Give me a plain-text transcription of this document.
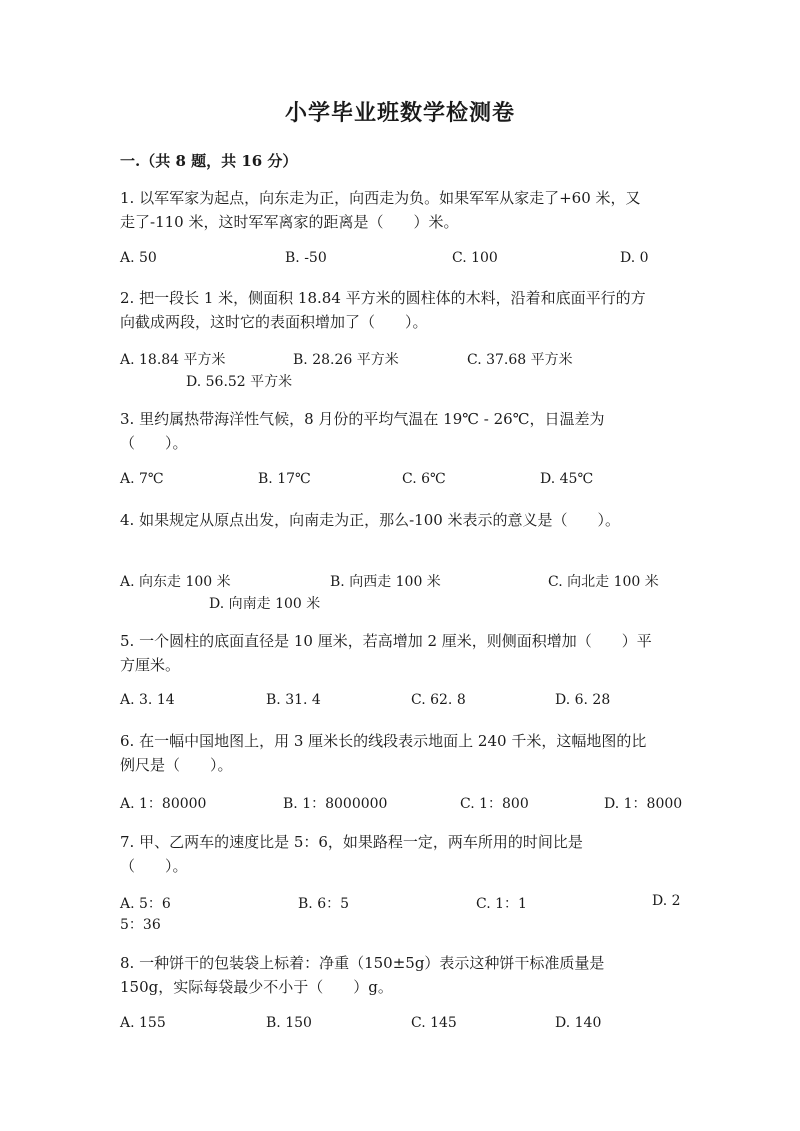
小学毕业班数学检测卷
一.（共 8 题，共 16 分）
1. 以军军家为起点，向东走为正，向西走为负。如果军军从家走了+60 米，又
走了-110 米，这时军军离家的距离是（　　）米。
A. 50	B. -50	C. 100	D. 0
2. 把一段长 1 米，侧面积 18.84 平方米的圆柱体的木料，沿着和底面平行的方
向截成两段，这时它的表面积增加了（　　）。
A. 18.84 平方米	B. 28.26 平方米	C. 37.68 平方米
D. 56.52 平方米
3. 里约属热带海洋性气候，8 月份的平均气温在 19℃ - 26℃，日温差为
（　　）。
A. 7℃	B. 17℃	C. 6℃	D. 45℃
4. 如果规定从原点出发，向南走为正，那么-100 米表示的意义是（　　）。
A. 向东走 100 米	B. 向西走 100 米	C. 向北走 100 米
D. 向南走 100 米
5. 一个圆柱的底面直径是 10 厘米，若高增加 2 厘米，则侧面积增加（　　）平
方厘米。
A. 3. 14	B. 31. 4	C. 62. 8	D. 6. 28
6. 在一幅中国地图上，用 3 厘米长的线段表示地面上 240 千米，这幅地图的比
例尺是（　　）。
A. 1：80000	B. 1：8000000	C. 1：800	D. 1：8000
7. 甲、乙两车的速度比是 5：6，如果路程一定，两车所用的时间比是
（　　）。
A. 5：6	B. 6：5	C. 1：1	D. 2
5：36
8. 一种饼干的包装袋上标着：净重（150±5g）表示这种饼干标准质量是
150g，实际每袋最少不小于（　　）g。
A. 155	B. 150	C. 145	D. 140
